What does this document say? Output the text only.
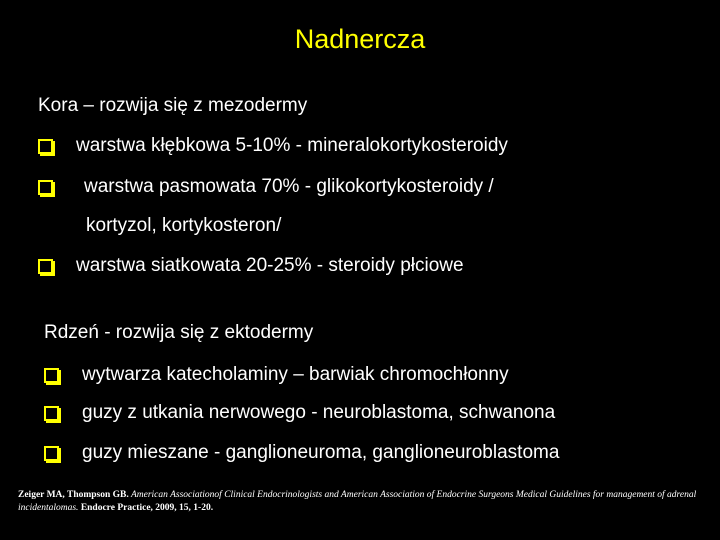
Nadnercza
Kora – rozwija się z mezodermy
warstwa kłębkowa 5-10% - mineralokortykosteroidy
warstwa pasmowata 70% - glikokortykosteroidy /
kortyzol, kortykosteron/
warstwa siatkowata 20-25% - steroidy płciowe
Rdzeń - rozwija się z ektodermy
wytwarza katecholaminy – barwiak chromochłonny
guzy z utkania nerwowego - neuroblastoma, schwanona
guzy mieszane - ganglioneuroma, ganglioneuroblastoma
Zeiger MA, Thompson GB. American Associationof Clinical Endocrinologists and American Association of Endocrine Surgeons Medical Guidelines for management of adrenal incidentalomas. Endocre Practice, 2009, 15, 1-20.
